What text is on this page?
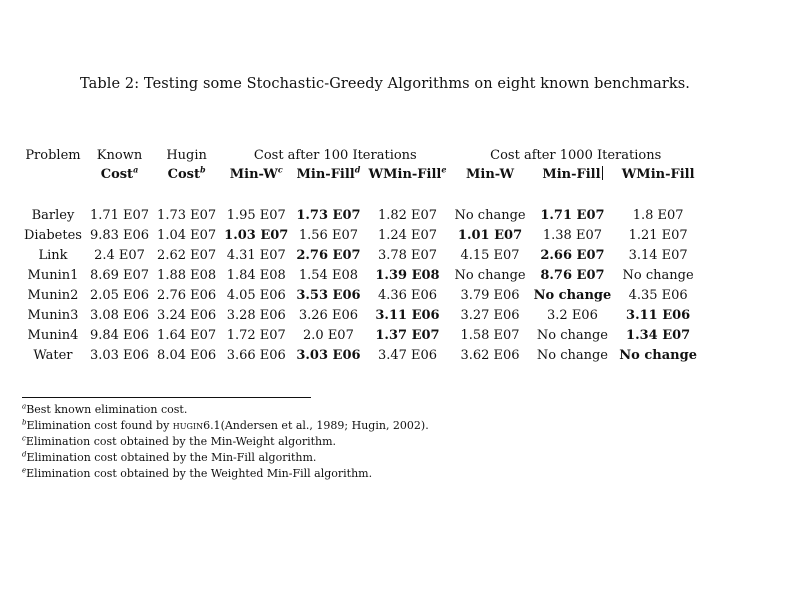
Table 2: Testing some Stochastic-Greedy Algorithms on eight known benchmarks.
Problem	Known	Hugin	Cost after 100 Iterations			Cost after 1000 Iterations		
	Cost$^a$	Cost$^b$	Min-$W^c$	Min-Fill$^d$	WMin-Fill$^e$	Min-W	Min-Fill	WMin-Fill

Barley	1.71 E07	1.73 E07	1.95 E07	1.73 E07	1.82 E07	No change	1.71 E07	1.8 E07
Diabetes	9.83 E06	1.04 E07	1.03 E07	1.56 E07	1.24 E07	1.01 E07	1.38 E07	1.21 E07
Link	2.4 E07	2.62 E07	4.31 E07	2.76 E07	3.78 E07	4.15 E07	2.66 E07	3.14 E07
Munin1	8.69 E07	1.88 E08	1.84 E08	1.54 E08	1.39 E08	No change	8.76 E07	No change
Munin2	2.05 E06	2.76 E06	4.05 E06	3.53 E06	4.36 E06	3.79 E06	No change	4.35 E06
Munin3	3.08 E06	3.24 E06	3.28 E06	3.26 E06	3.11 E06	3.27 E06	3.2 E06	3.11 E06
Munin4	9.84 E06	1.64 E07	1.72 E07	2.0 E07	1.37 E07	1.58 E07	No change	1.34 E07
Water	3.03 E06	8.04 E06	3.66 E06	3.03 E06	3.47 E06	3.62 E06	No change	No change
$^a$Best known elimination cost.
$^b$Elimination cost found by hugin6.1(Andersen et al., 1989; Hugin, 2002).
$^c$Elimination cost obtained by the Min-Weight algorithm.
$^d$Elimination cost obtained by the Min-Fill algorithm.
$^e$Elimination cost obtained by the Weighted Min-Fill algorithm.
